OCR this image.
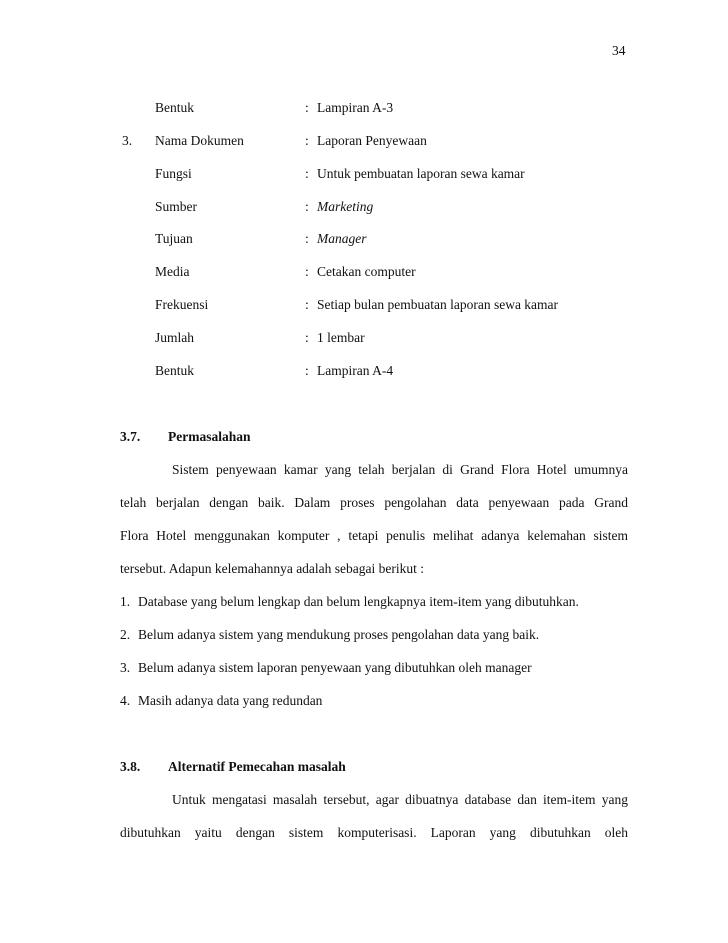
34
Bentuk	: Lampiran A-3
3. Nama Dokumen	: Laporan Penyewaan
Fungsi	: Untuk pembuatan laporan sewa kamar
Sumber	: Marketing
Tujuan	: Manager
Media	: Cetakan computer
Frekuensi	: Setiap bulan pembuatan laporan sewa kamar
Jumlah	: 1 lembar
Bentuk	: Lampiran A-4
3.7. Permasalahan
Sistem penyewaan kamar yang telah berjalan di Grand Flora Hotel umumnya
telah berjalan dengan baik. Dalam proses pengolahan data penyewaan pada Grand
Flora Hotel menggunakan komputer , tetapi penulis melihat adanya kelemahan sistem
tersebut. Adapun kelemahannya adalah sebagai berikut :
1. Database yang belum lengkap dan belum lengkapnya item-item yang dibutuhkan.
2. Belum adanya sistem yang mendukung proses pengolahan data yang baik.
3. Belum adanya sistem laporan penyewaan yang dibutuhkan oleh manager
4. Masih adanya data yang redundan
3.8. Alternatif Pemecahan masalah
Untuk mengatasi masalah tersebut, agar dibuatnya database dan item-item yang
dibutuhkan yaitu dengan sistem komputerisasi. Laporan yang dibutuhkan oleh
